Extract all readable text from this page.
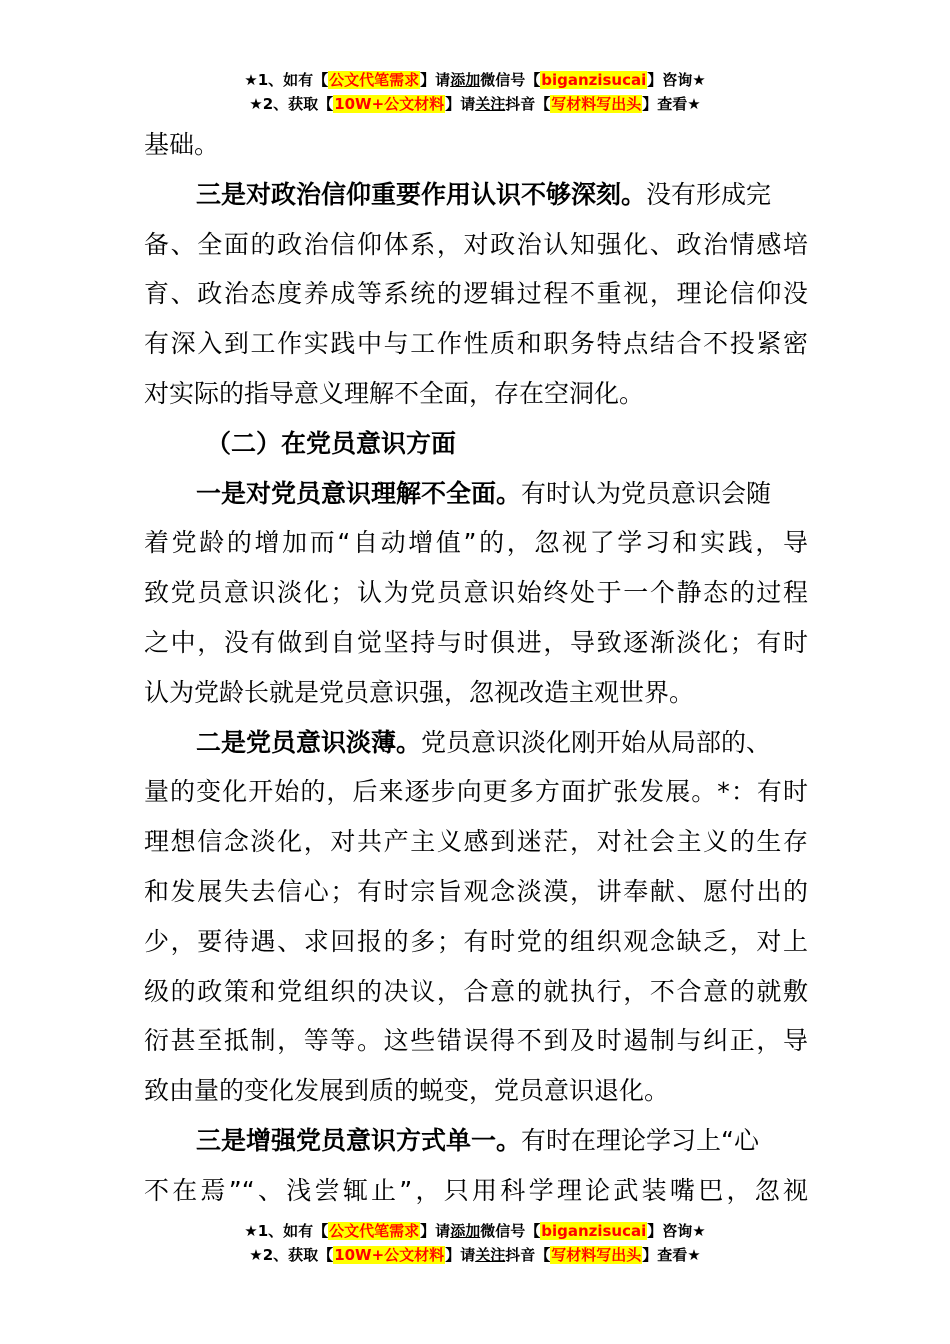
★1、如有【公文代笔需求】请添加微信号【biganzisucai】咨询★
★2、获取【10W+公文材料】请关注抖音【写材料写出头】查看★

基础。

三是对政治信仰重要作用认识不够深刻。没有形成完

备、全面的政治信仰体系，对政治认知强化、政治情感培

育、政治态度养成等系统的逻辑过程不重视，理论信仰没

有深入到工作实践中与工作性质和职务特点结合不投紧密

对实际的指导意义理解不全面，存在空洞化。

（二）在党员意识方面

一是对党员意识理解不全面。有时认为党员意识会随

着党龄的增加而“自动增值”的，忽视了学习和实践，导

致党员意识淡化；认为党员意识始终处于一个静态的过程

之中，没有做到自觉坚持与时俱进，导致逐渐淡化；有时

认为党龄长就是党员意识强，忽视改造主观世界。

二是党员意识淡薄。党员意识淡化刚开始从局部的、

量的变化开始的，后来逐步向更多方面扩张发展。*：有时

理想信念淡化，对共产主义感到迷茫，对社会主义的生存

和发展失去信心；有时宗旨观念淡漠，讲奉献、愿付出的

少，要待遇、求回报的多；有时党的组织观念缺乏，对上

级的政策和党组织的决议，合意的就执行，不合意的就敷

衍甚至抵制，等等。这些错误得不到及时遏制与纠正，导

致由量的变化发展到质的蜕变，党员意识退化。

三是增强党员意识方式单一。有时在理论学习上“心

不在焉”“、浅尝辄止”，只用科学理论武装嘴巴，忽视

★1、如有【公文代笔需求】请添加微信号【biganzisucai】咨询★
★2、获取【10W+公文材料】请关注抖音【写材料写出头】查看★
